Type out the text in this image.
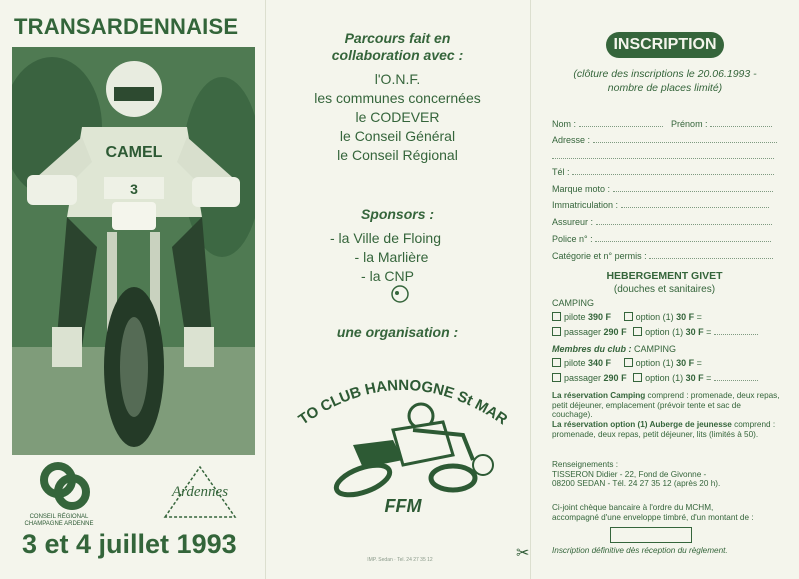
TRANSARDENNAISE
CAMEL
3
CONSEIL RÉGIONAL CHAMPAGNE ARDENNE
Ardennes
3 et 4 juillet 1993
Parcours fait en
collaboration avec :
l'O.N.F.
les communes concernées
le CODEVER
le Conseil Général
le Conseil Régional
Sponsors :
- la Ville de Floing
- la Marlière
- la CNP
une organisation :
TO CLUB HANNOGNE St MAR
FFM
IMP. Sedan · Tel. 24 27 35 12	✂
INSCRIPTION
(clôture des inscriptions le 20.06.1993 -
nombre de places limité)
Nom :	Prénom :
Adresse :
Tél :
Marque moto :
Immatriculation :
Assureur :
Police n° :
Catégorie et n° permis :
HEBERGEMENT GIVET
(douches et sanitaires)
CAMPING
pilote 390 F	option (1) 30 F =
passager 290 F option (1) 30 F =
Membres du club : CAMPING
pilote 340 F	option (1) 30 F =
passager 290 F option (1) 30 F =
La réservation Camping comprend : promenade, deux repas, petit déjeuner, emplacement (prévoir tente et sac de couchage).
La réservation option (1) Auberge de jeunesse comprend : promenade, deux repas, petit déjeuner, lits (limités à 50).
Renseignements :
TISSERON Didier - 22, Fond de Givonne -
08200 SEDAN - Tél. 24 27 35 12 (après 20 h).
Ci-joint chèque bancaire à l'ordre du MCHM,
accompagné d'une enveloppe timbré, d'un montant de :
Inscription définitive dès réception du règlement.
